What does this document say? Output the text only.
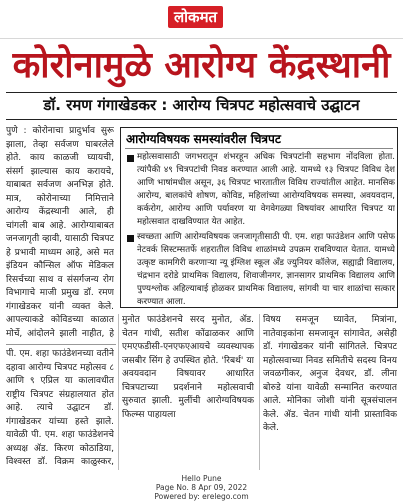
लोकमत
कोरोनामुळे आरोग्य केंद्रस्थानी
डॉ. रमण गंगाखेडकर : आरोग्य चित्रपट महोत्सवाचे उद्घाटन

पुणे : कोरोनाचा प्रादुर्भाव सुरू झाला, तेव्हा सर्वजण घाबरलेले होते. काय काळजी घ्यायची, संसर्ग झाल्यास काय करायचे, याबाबत सर्वजण अनभिज्ञ होते. मात्र, कोरोनाच्या निमित्ताने आरोग्य केंद्रस्थानी आले, ही चांगली बाब आहे. आरोग्याबाबत जनजागृती व्हावी, यासाठी चित्रपट हे प्रभावी माध्यम आहे, असे मत इंडियन कौन्सिल ऑफ मेडिकल रिसर्चच्या साथ व संसर्गजन्य रोग विभागाचे माजी प्रमुख डॉ. रमण गंगाखेडकर यांनी व्यक्त केले. आपल्याकडे कोविडच्या काळात मोर्चे, आंदोलने झाली नाहीत, हे

आरोग्यविषयक समस्यांवरील चित्रपट

महोत्सवासाठी जगभरातून शंभरहून अधिक चित्रपटांनी सहभाग नोंदविला होता. त्यांपैकी ४९ चित्रपटांची निवड करण्यात आली आहे. यामध्ये १३ चित्रपट विविध देश आणि भाषांमधील असून, ३६ चित्रपट भारतातील विविध राज्यांतील आहेत. मानसिक आरोग्य, बालकांचे शोषण, कोविड, महिलांच्या आरोग्यविषयक समस्या, अवयवदान, कर्करोग, आरोग्य आणि पर्यावरण या वेगवेगळ्या विषयांवर आधारित चित्रपट या महोत्सवात दाखविण्यात येत आहेत.

स्वच्छता आणि आरोग्यविषयक जनजागृतीसाठी पी. एम. शहा फाउंडेशन आणि पसेफ नेटवर्क सिस्टम्सतर्फे शहरातील विविध शाळांमध्ये उपक्रम राबविण्यात येतात. यामध्ये उत्कृष्ट कामगिरी करणाऱ्या न्यू इंग्लिश स्कूल ॲंड ज्युनियर कॉलेज, सह्याद्री विद्यालय, चंद्रभान दरोडे प्राथमिक विद्यालय, शिवाजीनगर, ज्ञानसागर प्राथमिक विद्यालय आणि पुण्यश्लोक अहिल्याबाई होळकर प्राथमिक विद्यालय, सांगवी या चार शाळांचा सत्कार करण्यात आला.

पी. एम. शहा फाउंडेशनच्या वतीने दहावा आरोग्य चित्रपट महोत्सव ८ आणि ९ एप्रिल या कालावधीत राष्ट्रीय चित्रपट संग्रहालयात होत आहे. त्याचे उद्घाटन डॉ. गंगाखेडकर यांच्या हस्ते झाले. यावेळी पी. एम. शहा फाउंडेशनचे अध्यक्ष ॲड. किरण कोठाडिया, विश्वस्त डॉ. विक्रम काळुस्कर,

मुनोत फाउंडेशनचे सरद मुनोत, ॲड. चेतन गांधी, सतीश कोंढाळकर आणि एमएफडीसी-एनएफएआयचे व्यवस्थापक जसबीर सिंग हे उपस्थित होते. 'रिबर्थ' या अवयवदान विषयावर आधारित चित्रपटाच्या प्रदर्शनाने महोत्सवाची सुरुवात झाली. मुलींची आरोग्यविषयक फिल्म्स पाहायला

विषय समजून घ्यावेत, मित्रांना, नातेवाइकांना समजावून सांगावेत, असेही डॉ. गंगाखेडकर यांनी सांगितले. चित्रपट महोत्सवाच्या निवड समितीचे सदस्य विनय जवळगीकर, अनुज देवधर, डॉ. लीना बोरुडे यांना यावेळी सन्मानित करण्यात आले. मोनिका जोशी यांनी सूत्रसंचालन केले. ॲड. चेतन गांधी यांनी प्रास्ताविक केले.

Hello Pune
Page No. 8 Apr 09, 2022
Powered by: erelego.com
